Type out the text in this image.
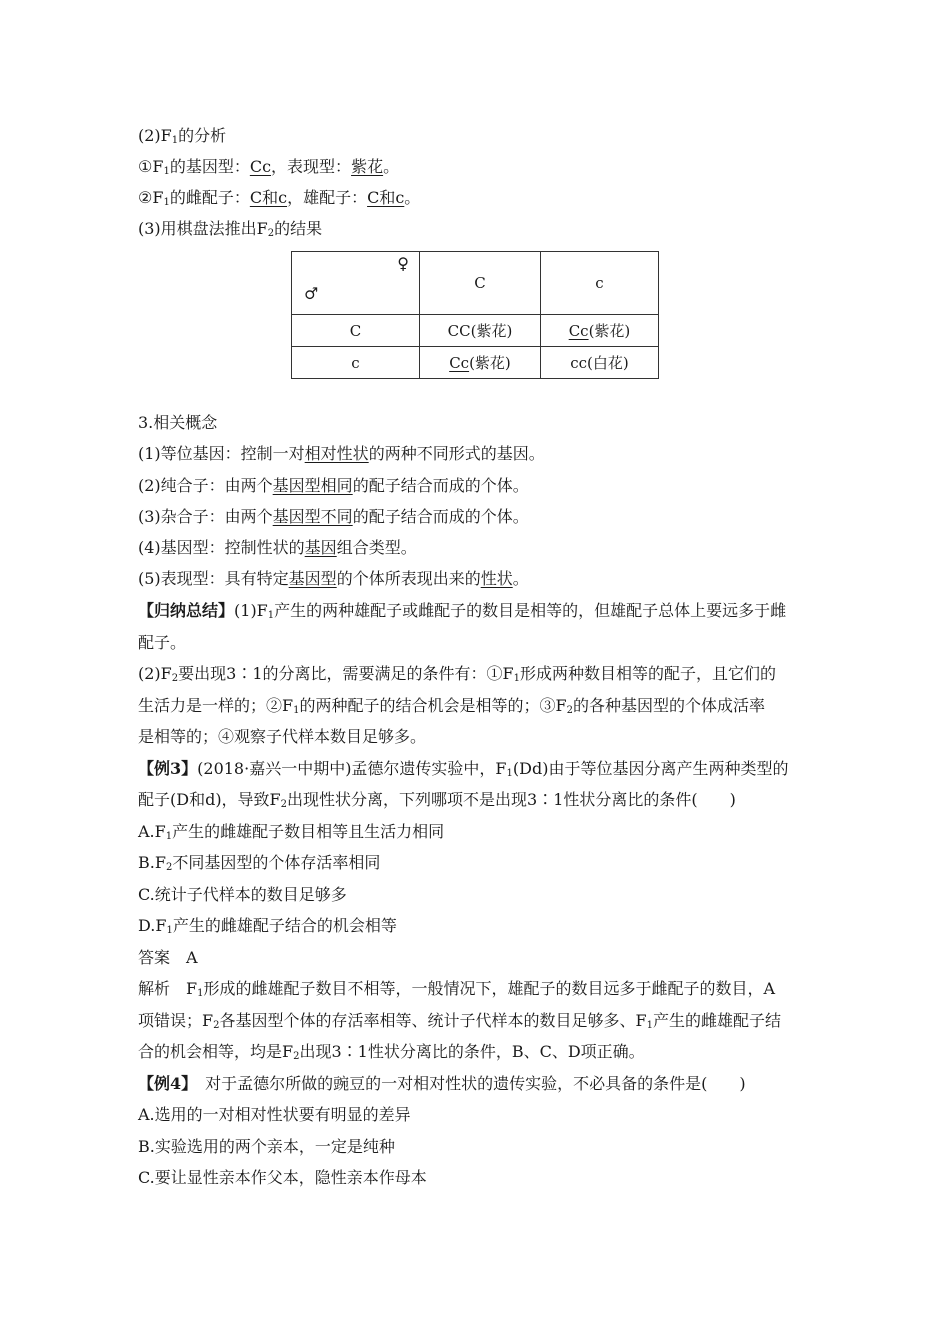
$(2)F_1$的分析
$①F_1$的基因型：Cc，表现型：紫花。
$②F_1$的雌配子：C和c，雄配子：C和c。
(3)用棋盘法推出$F_2$的结果
♀
♂	C	c
C	CC(紫花)	Cc(紫花)
c	Cc(紫花)	cc(白花)
3.相关概念
(1)等位基因：控制一对相对性状的两种不同形式的基因。
(2)纯合子：由两个基因型相同的配子结合而成的个体。
(3)杂合子：由两个基因型不同的配子结合而成的个体。
(4)基因型：控制性状的基因组合类型。
(5)表现型：具有特定基因型的个体所表现出来的性状。
【归纳总结】$(1)F_1$产生的两种雄配子或雌配子的数目是相等的，但雄配子总体上要远多于雌
配子。
$(2)F_2$要出现3∶1的分离比，需要满足的条件有：$①F_1$形成两种数目相等的配子，且它们的
生活力是一样的；$②F_1$的两种配子的结合机会是相等的；$③F_2$的各种基因型的个体成活率
是相等的；④观察子代样本数目足够多。
【例3】(2018·嘉兴一中期中)孟德尔遗传实验中，$F_1(Dd)$由于等位基因分离产生两种类型的
配子(D和d)，导致$F_2$出现性状分离，下列哪项不是出现3∶1性状分离比的条件(　　)
$A.F_1$产生的雌雄配子数目相等且生活力相同
$B.F_2$不同基因型的个体存活率相同
C.统计子代样本的数目足够多
$D.F_1$产生的雌雄配子结合的机会相等
答案　A
解析　$F_1$形成的雌雄配子数目不相等，一般情况下，雄配子的数目远多于雌配子的数目，A
项错误；$F_2$各基因型个体的存活率相等、统计子代样本的数目足够多、$F_1$产生的雌雄配子结
合的机会相等，均是$F_2$出现3∶1性状分离比的条件，B、C、D项正确。
【例4】　对于孟德尔所做的豌豆的一对相对性状的遗传实验，不必具备的条件是(　　)
A.选用的一对相对性状要有明显的差异
B.实验选用的两个亲本，一定是纯种
C.要让显性亲本作父本，隐性亲本作母本
